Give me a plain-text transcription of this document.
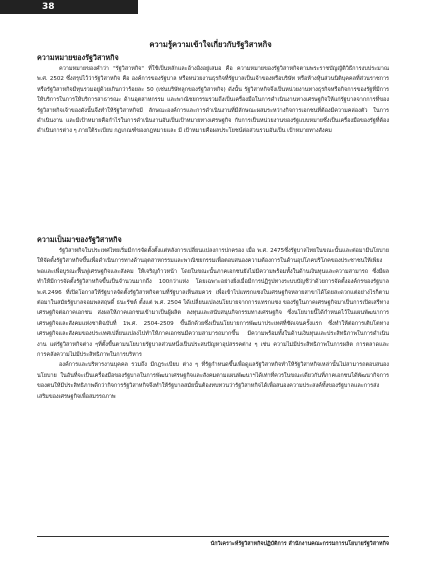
38
ความรู้ความเข้าใจเกี่ยวกับรัฐวิสาหกิจ
ความหมายของรัฐวิสาหกิจ

ความหมายของคำว่า "รัฐวิสาหกิจ" ที่ใช้เป็นหลักและอ้างอิงอยู่เสมอ คือ ความหมายของรัฐวิสาหกิจตามพระราชบัญญัติวิธีการงบประมาณ พ.ศ. 2502 ซึ่งสรุปไว้ว่ารัฐวิสาหกิจ คือ องค์การของรัฐบาล หรือหน่วยงานธุรกิจที่รัฐบาลเป็นเจ้าของหรือบริษัท หรือห้างหุ้นส่วนนิติบุคคลที่ส่วนราชการหรือรัฐวิสาหกิจมีทุนรวมอยู่ด้วยเกินกว่าร้อยละ 50 (เช่นบริษัทลูกของรัฐวิสาหกิจ) ดังนั้น รัฐวิสาหกิจจึงเป็นหน่วยงานทางธุรกิจหรือกิจการของรัฐที่มีการให้บริการในการให้บริการสาธารณะ ด้านอุตสาหกรรม และพาณิชยกรรมรวมถึงเป็นเครื่องมือในการดำเนินงานทางเศรษฐกิจให้แก่รัฐบาลจากการที่ของรัฐวิสาหกิจเจ้าของดังนั้นจึงทำให้รัฐวิสาหกิจมี ลักษณะองค์การและการดำเนินงานที่มีลักษณะผสมระหว่างกิจการเอกชนที่ต้องมีความคล่องตัว ในการดำเนินงาน และมีเป้าหมายคือกำไรในการดำเนินงานอันเป็นเป้าหมายทางเศรษฐกิจ กับการเป็นหน่วยงานของรัฐแบบหมายซึ่งเป็นเครื่องมือของรัฐที่ต้องดำเนินการต่าง ๆ ภายใต้ระเบียบ กฎเกณฑ์ของกฎหมายและ มี เป้าหมายคือผลประโยชน์ต่อส่วนรวมอันเป็น เป้าหมายทางสังคม

ความเป็นมาของรัฐวิสาหกิจ

รัฐวิสาหกิจในประเทศไทยเริ่มมีการจัดตั้งตั้งแต่หลังการเปลี่ยนแปลงการปกครอง เมื่อ พ.ศ. 2475ซึ่งรัฐบาลไทยในขณะนั้นและต่อมามีนโยบายให้จัดตั้งรัฐวิสาหกิจขึ้นเพื่อดำเนินการทางด้านอุตสาหกรรมและพาณิชยกรรมเพื่อตอบสนองความต้องการในด้านอุปโภคบริโภคของประชาชนให้เพียงพอและเพื่อบูรณะฟื้นฟูเศรษฐกิจและสังคม ให้เจริญก้าวหน้า โดยในขณะนั้นภาคเอกชนยังไม่มีความพร้อมทั้งในด้านเงินทุนและความสามารถ ซึ่งมีผลทำให้มีการจัดตั้งรัฐวิสาหกิจขึ้นเป็นจำนวนมากถึง 100กว่าแห่ง โดยเฉพาะอย่างยิ่งเมื่อมีการปฏิรูปทางระบบบัญชีว่าด้วยการจัดตั้งองค์กรของรัฐบาล พ.ศ.2496 ที่เปิดโอกาสให้รัฐบาลจัดตั้งรัฐวิสาหกิจตามที่รัฐบาลเห็นสมควร เพื่อเข้าไปแทรกแซงในเศรษฐกิจหลายสาขาได้โดยสะดวกแต่อย่างไรก็ตามต่อมาในสมัยรัฐบาลจอมพลสฤษดิ์ ธนะรัชต์ ตั้งแต่ พ.ศ. 2504 ได้เปลี่ยนแปลงนโยบายจากการแทรกแซง ของรัฐในภาคเศรษฐกิจมาเป็นการเปิดเสรีทางเศรษฐกิจต่อภาคเอกชน ส่งผลให้ภาคเอกชนเข้ามาเป็นผู้ผลิต ลงทุนและสนับสนุนกิจกรรมทางเศรษฐกิจ ซึ่งนโยบายนี้ได้กำหนดไว้ในแผนพัฒนาการเศรษฐกิจและสังคมแห่งชาติฉบับที่ 1พ.ศ. 2504-2509 ขึ้นอีกด้วยซึ่งเป็นนโยบายการพัฒนาประเทศที่ชัดเจนครั้งแรก ซึ่งทำให้ต่อการเติบโตทางเศรษฐกิจและสังคมของประเทศเปลี่ยนแปลงไปทำให้ภาคเอกชนมีความสามารถมากขึ้น มีความพร้อมทั้งในด้านเงินทุนและประสิทธิภาพในการดำเนินงาน แต่รัฐวิสาหกิจต่าง ๆที่ตั้งขึ้นตามนโยบายรัฐบาลส่วนหนึ่งเป็นประสบปัญหาอุปสรรคต่าง ๆ เช่น ความไม่มีประสิทธิภาพในการผลิต การตลาดและการคลังความไม่มีประสิทธิภาพในการบริหาร

องค์การและบริหารงานบุคคล รวมถึง มีกฎระเบียบ ต่าง ๆ ที่รัฐกำหนดขึ้นเพื่อดูแลรัฐวิสาหกิจทำให้รัฐวิสาหกิจเหล่านั้นไม่สามารถตอบสนองนโยบาย ในอันที่จะเป็นเครื่องมือของรัฐบาลในการพัฒนาเศรษฐกิจและสังคมตามแผนพัฒนาฯได้เท่าที่ควรในขณะเดียวกันที่ภาคเอกชนได้พัฒนากิจการของตนให้มีประสิทธิภาพดีกว่ากิจการรัฐวิสาหกิจจึงทำให้รัฐบาลสมัยนั้นต้องทบทวนว่ารัฐวิสาหกิจได้เพื่อสนองความประสงค์ทั้งของรัฐบาลและการส่งเสริมของเศรษฐกิจเพื่อสมรรถภาพ

นักวิเคราะห์รัฐวิสาหกิจปฏิบัติการ สำนักงานคณะกรรมการนโยบายรัฐวิสาหกิจ
